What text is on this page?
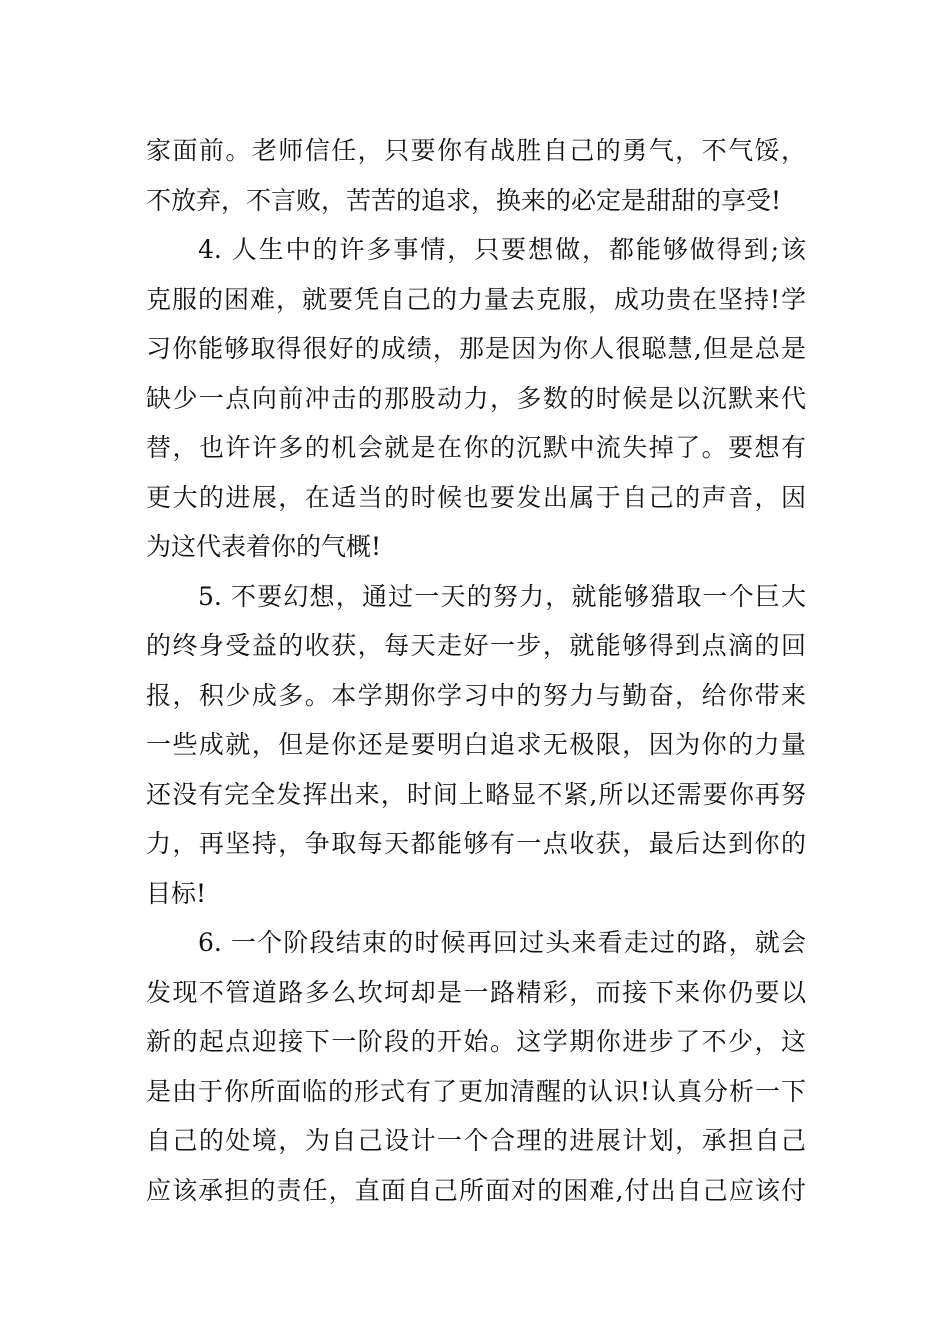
家面前。老师信任，只要你有战胜自己的勇气，不气馁，
不放弃，不言败，苦苦的追求，换来的必定是甜甜的享受!

4. 人生中的许多事情，只要想做，都能够做得到;该
克服的困难，就要凭自己的力量去克服，成功贵在坚持!学
习你能够取得很好的成绩，那是因为你人很聪慧,但是总是
缺少一点向前冲击的那股动力，多数的时候是以沉默来代
替，也许许多的机会就是在你的沉默中流失掉了。要想有
更大的进展，在适当的时候也要发出属于自己的声音，因
为这代表着你的气概!

5. 不要幻想，通过一天的努力，就能够猎取一个巨大
的终身受益的收获，每天走好一步，就能够得到点滴的回
报，积少成多。本学期你学习中的努力与勤奋，给你带来
一些成就，但是你还是要明白追求无极限，因为你的力量
还没有完全发挥出来，时间上略显不紧,所以还需要你再努
力，再坚持，争取每天都能够有一点收获，最后达到你的
目标!

6. 一个阶段结束的时候再回过头来看走过的路，就会
发现不管道路多么坎坷却是一路精彩，而接下来你仍要以
新的起点迎接下一阶段的开始。这学期你进步了不少，这
是由于你所面临的形式有了更加清醒的认识!认真分析一下
自己的处境，为自己设计一个合理的进展计划，承担自己
应该承担的责任，直面自己所面对的困难,付出自己应该付
